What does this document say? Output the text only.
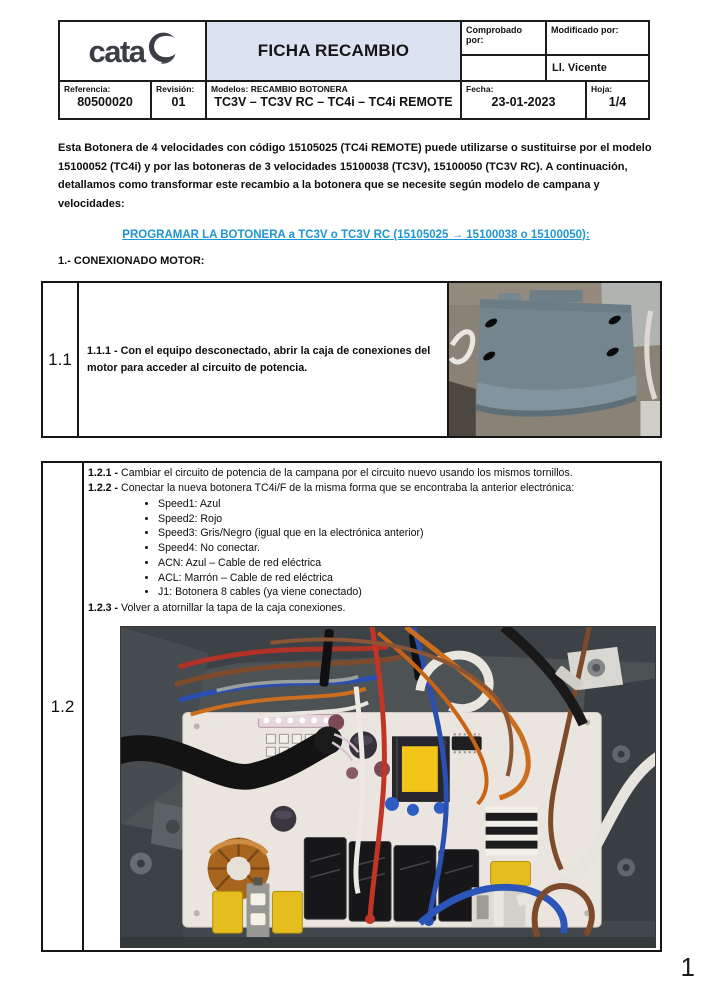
cata	FICHA RECAMBIO
Comprobado por:
Modificado por:
Ll. Vicente
Referencia:
80500020
Revisión:
01
Modelos: RECAMBIO BOTONERA
TC3V – TC3V RC – TC4i – TC4i REMOTE
Fecha:
23-01-2023
Hoja:
1/4

Esta Botonera de 4 velocidades con código 15105025 (TC4i REMOTE) puede utilizarse o sustituirse por el modelo 15100052 (TC4i) y por las botoneras de 3 velocidades 15100038 (TC3V), 15100050 (TC3V RC). A continuación, detallamos como transformar este recambio a la botonera que se necesite según modelo de campana y velocidades:

PROGRAMAR LA BOTONERA a TC3V o TC3V RC (15105025 → 15100038 o 15100050):
1.- CONEXIONADO MOTOR:
1.1	1.1.1 - Con el equipo desconectado, abrir la caja de conexiones del motor para acceder al circuito de potencia.

1.2
1.2.1 - Cambiar el circuito de potencia de la campana por el circuito nuevo usando los mismos tornillos.
1.2.2 - Conectar la nueva botonera TC4i/F de la misma forma que se encontraba la anterior electrónica:
• Speed1: Azul
• Speed2: Rojo
• Speed3: Gris/Negro (igual que en la electrónica anterior)
• Speed4: No conectar.
• ACN: Azul – Cable de red eléctrica
• ACL: Marrón – Cable de red eléctrica
• J1: Botonera 8 cables (ya viene conectado)
1.2.3 - Volver a atornillar la tapa de la caja conexiones.
1
